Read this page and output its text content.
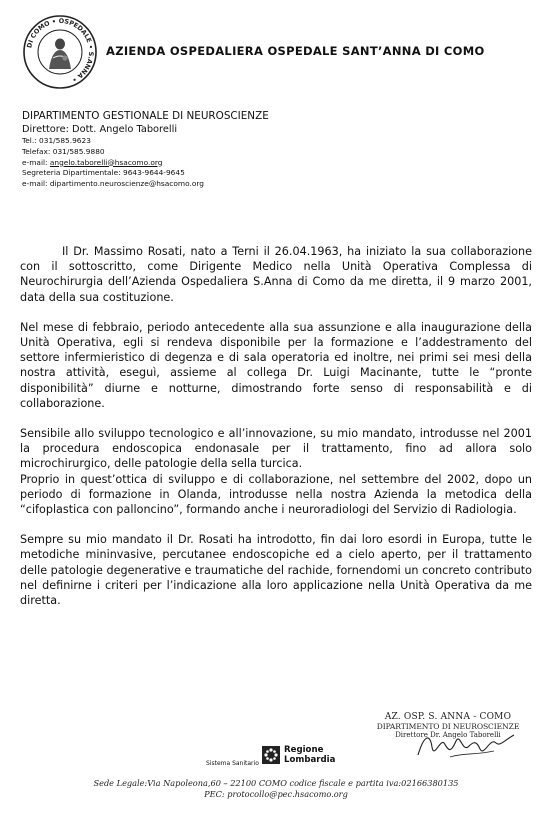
DI COMO • OSPEDALE • S.ANNA •
AZIENDA OSPEDALIERA OSPEDALE SANT’ANNA DI COMO
DIPARTIMENTO GESTIONALE DI NEUROSCIENZE
Direttore: Dott. Angelo Taborelli
Tel.: 031/585.9623
Telefax: 031/585.9880
e-mail: angelo.taborelli@hsacomo.org
Segreteria Dipartimentale: 9643-9644-9645
e-mail: dipartimento.neuroscienze@hsacomo.org

Il Dr. Massimo Rosati, nato a Terni il 26.04.1963, ha iniziato la sua collaborazione con il sottoscritto, come Dirigente Medico nella Unità Operativa Complessa di Neurochirurgia dell’Azienda Ospedaliera S.Anna di Como da me diretta, il 9 marzo 2001, data della sua costituzione.

Nel mese di febbraio, periodo antecedente alla sua assunzione e alla inaugurazione della Unità Operativa, egli si rendeva disponibile per la formazione e l’addestramento del settore infermieristico di degenza e di sala operatoria ed inoltre, nei primi sei mesi della nostra attività, eseguì, assieme al collega Dr. Luigi Macinante, tutte le “pronte disponibilità” diurne e notturne, dimostrando forte senso di responsabilità e di collaborazione.

Sensibile allo sviluppo tecnologico e all’innovazione, su mio mandato, introdusse nel 2001 la procedura endoscopica endonasale per il trattamento, fino ad allora solo microchirurgico, delle patologie della sella turcica.

Proprio in quest’ottica di sviluppo e di collaborazione, nel settembre del 2002, dopo un periodo di formazione in Olanda, introdusse nella nostra Azienda la metodica della “cifoplastica con palloncino”, formando anche i neuroradiologi del Servizio di Radiologia.

Sempre su mio mandato il Dr. Rosati ha introdotto, fin dai loro esordi in Europa, tutte le metodiche mininvasive, percutanee endoscopiche ed a cielo aperto, per il trattamento delle patologie degenerative e traumatiche del rachide, fornendomi un concreto contributo nel definirne i criteri per l’indicazione alla loro applicazione nella Unità Operativa da me diretta.

AZ. OSP. S. ANNA - COMO
DIPARTIMENTO DI NEUROSCIENZE
Direttore Dr. Angelo Taborelli
Sistema Sanitario
Regione
Lombardia
Sede Legale:Via Napoleona,60 – 22100 COMO codice fiscale e partita iva:02166380135
PEC: protocollo@pec.hsacomo.org
